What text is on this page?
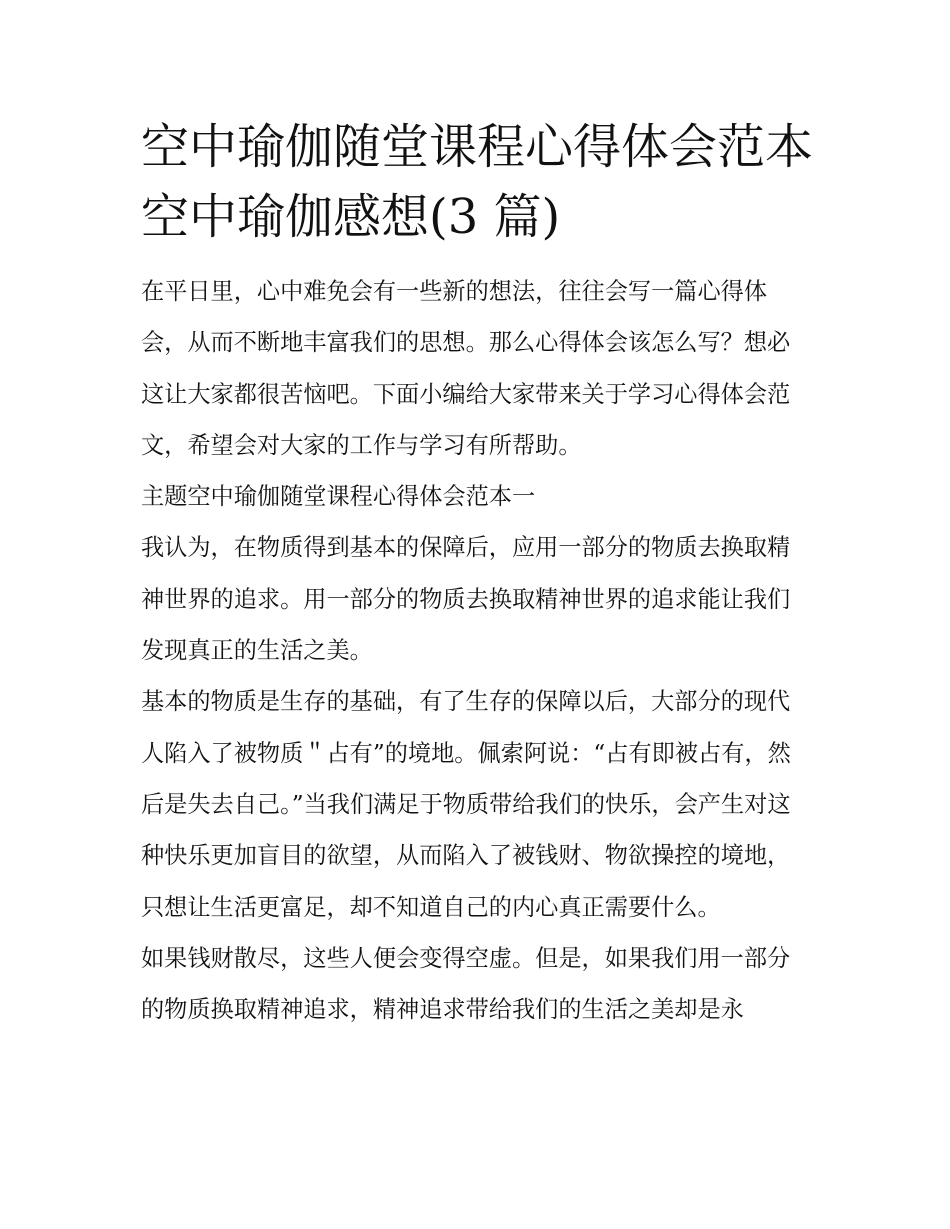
空中瑜伽随堂课程心得体会范本 空中瑜伽感想(3 篇)

在平日里，心中难免会有一些新的想法，往往会写一篇心得体会，从而不断地丰富我们的思想。那么心得体会该怎么写？想必这让大家都很苦恼吧。下面小编给大家带来关于学习心得体会范文，希望会对大家的工作与学习有所帮助。

主题空中瑜伽随堂课程心得体会范本一

我认为，在物质得到基本的保障后，应用一部分的物质去换取精神世界的追求。用一部分的物质去换取精神世界的追求能让我们发现真正的生活之美。

基本的物质是生存的基础，有了生存的保障以后，大部分的现代人陷入了被物质＂占有”的境地。佩索阿说：“占有即被占有，然后是失去自己。”当我们满足于物质带给我们的快乐，会产生对这种快乐更加盲目的欲望，从而陷入了被钱财、物欲操控的境地，只想让生活更富足，却不知道自己的内心真正需要什么。

如果钱财散尽，这些人便会变得空虚。但是，如果我们用一部分的物质换取精神追求，精神追求带给我们的生活之美却是永
